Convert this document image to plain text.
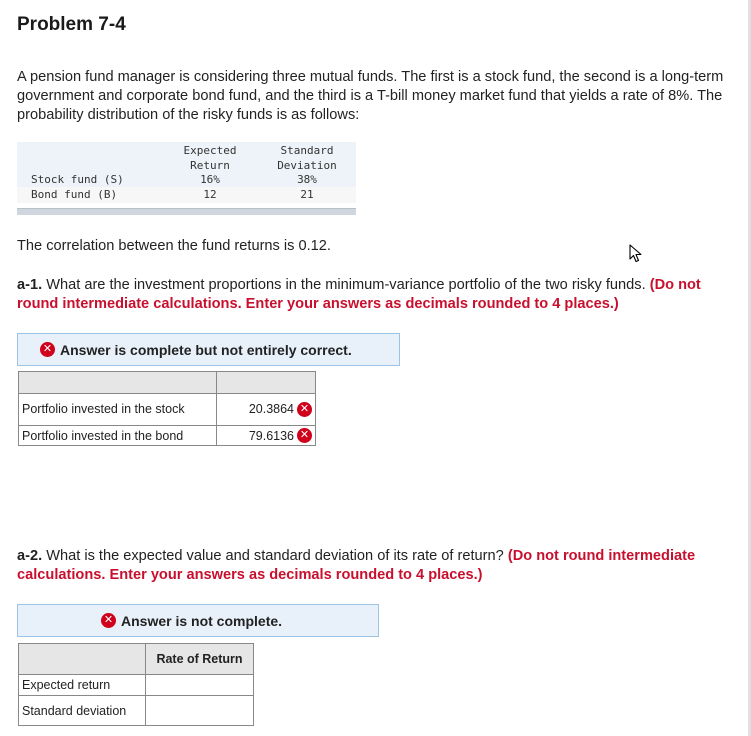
Problem 7-4
A pension fund manager is considering three mutual funds. The first is a stock fund, the second is a long-term government and corporate bond fund, and the third is a T-bill money market fund that yields a rate of 8%. The probability distribution of the risky funds is as follows:
Expected
Return
Standard
Deviation
Stock fund (S)	16%	38%
Bond fund (B)	12	21
The correlation between the fund returns is 0.12.
a-1. What are the investment proportions in the minimum-variance portfolio of the two risky funds. (Do not round intermediate calculations. Enter your answers as decimals rounded to 4 places.)
✕ Answer is complete but not entirely correct.

Portfolio invested in the stock	20.3864 ✕

Portfolio invested in the bond	79.6136 ✕
a-2. What is the expected value and standard deviation of its rate of return? (Do not round intermediate calculations. Enter your answers as decimals rounded to 4 places.)
✕ Answer is not complete.
	Rate of Return
Expected return	
Standard deviation	
